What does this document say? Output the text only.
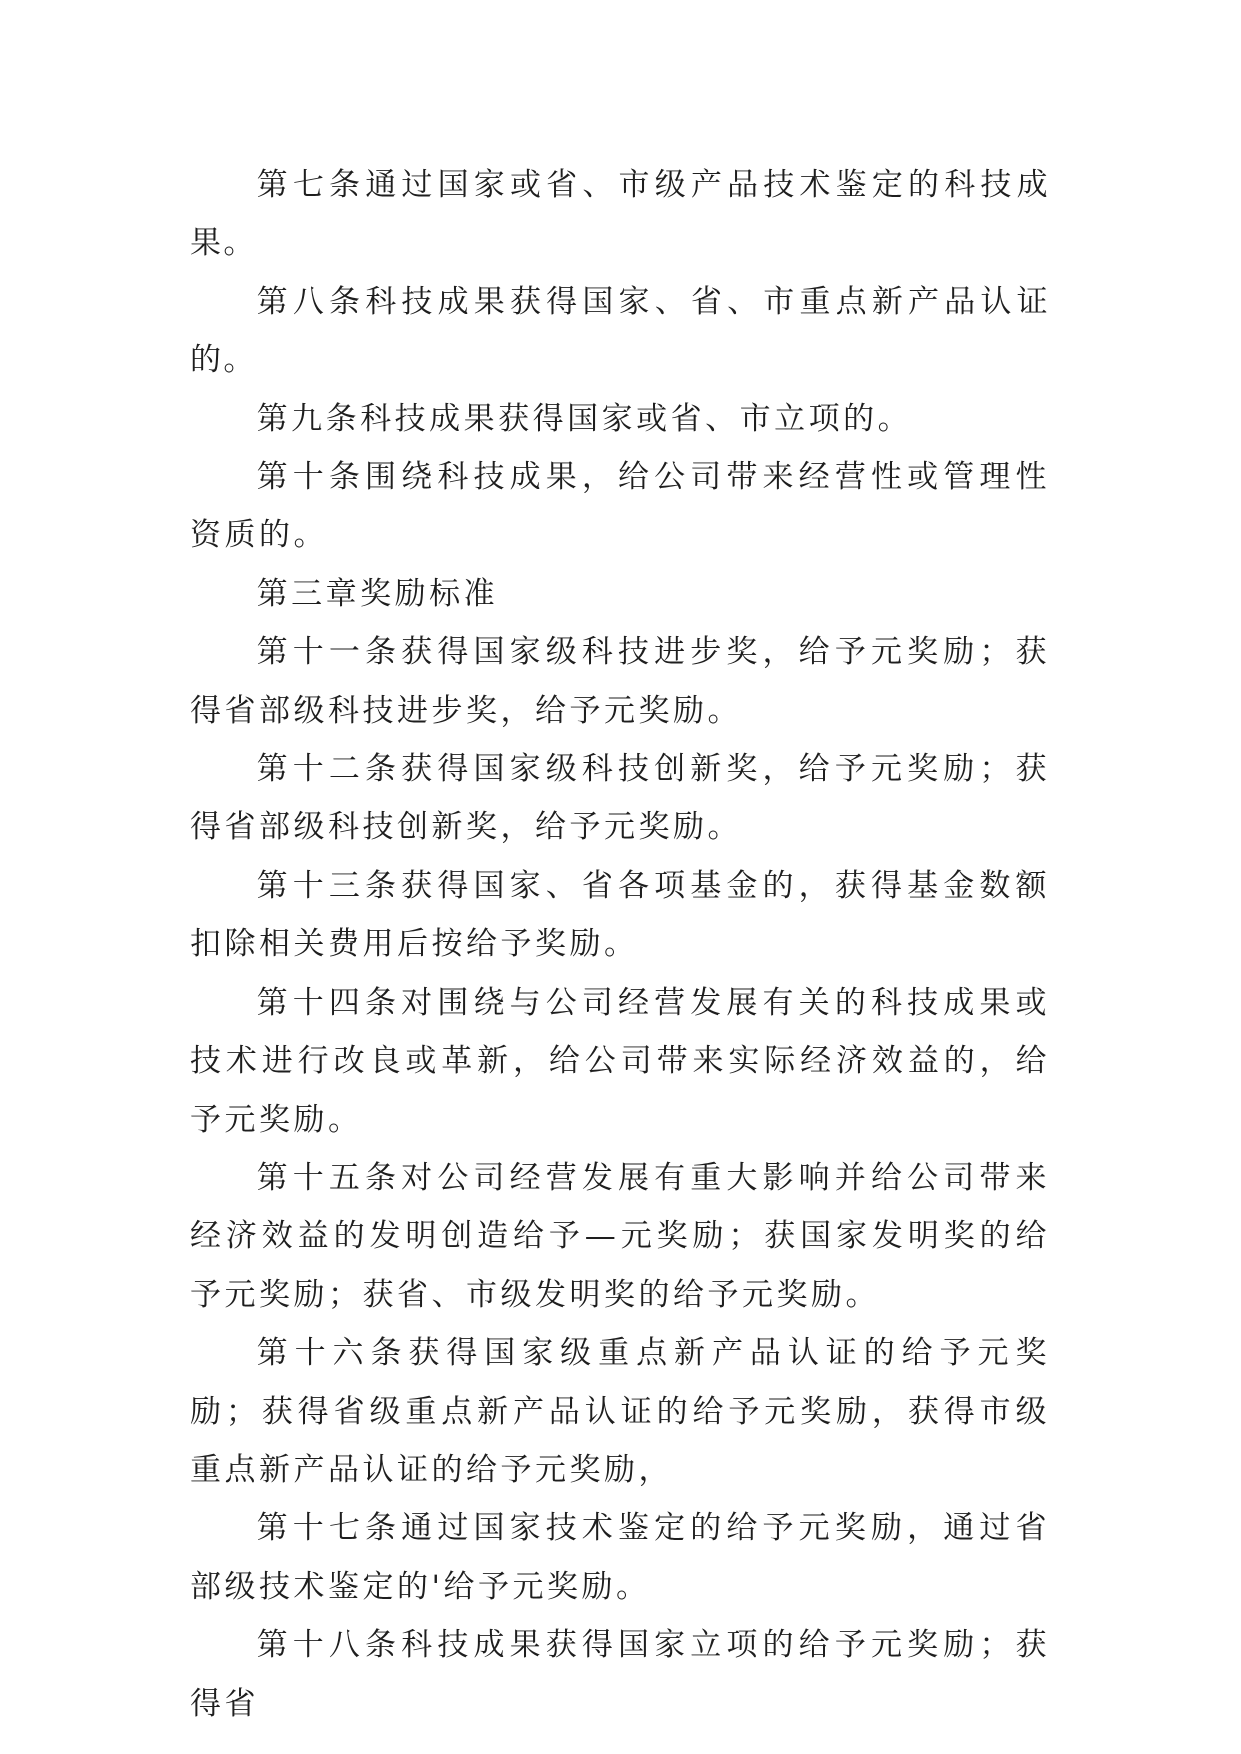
第七条通过国家或省、市级产品技术鉴定的科技成果。

第八条科技成果获得国家、省、市重点新产品认证的。

第九条科技成果获得国家或省、市立项的。

第十条围绕科技成果，给公司带来经营性或管理性资质的。

第三章奖励标准

第十一条获得国家级科技进步奖，给予元奖励；获得省部级科技进步奖，给予元奖励。

第十二条获得国家级科技创新奖，给予元奖励；获得省部级科技创新奖，给予元奖励。

第十三条获得国家、省各项基金的，获得基金数额扣除相关费用后按给予奖励。

第十四条对围绕与公司经营发展有关的科技成果或技术进行改良或革新，给公司带来实际经济效益的，给予元奖励。

第十五条对公司经营发展有重大影响并给公司带来经济效益的发明创造给予—元奖励；获国家发明奖的给予元奖励；获省、市级发明奖的给予元奖励。

第十六条获得国家级重点新产品认证的给予元奖励；获得省级重点新产品认证的给予元奖励，获得市级重点新产品认证的给予元奖励，

第十七条通过国家技术鉴定的给予元奖励，通过省部级技术鉴定的'给予元奖励。

第十八条科技成果获得国家立项的给予元奖励；获得省
